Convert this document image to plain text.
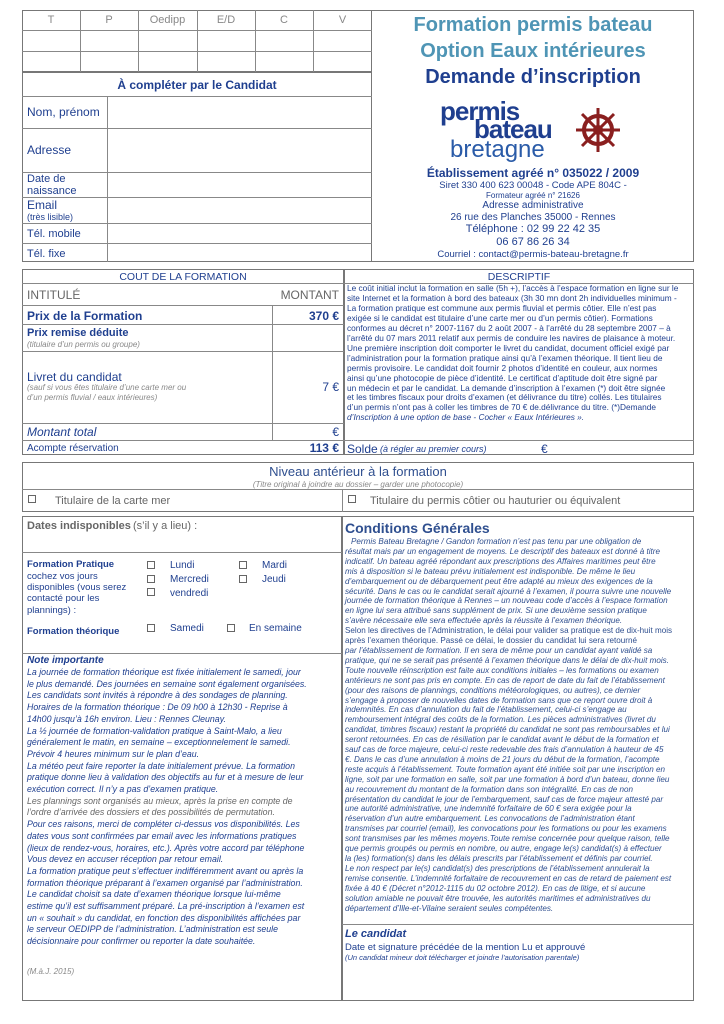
T	P	Oedipp	E/D	C	V
À compléter par le Candidat
Nom, prénom
Adresse
Date de naissance
Email
(très lisible)
Tél. mobile
Tél. fixe
Formation permis bateau
Option Eaux intérieures
Demande d’inscription
permis
bateau
bretagne
Établissement agréé n° 035022 / 2009
Siret 330 400 623 00048 - Code APE 804C -
Formateur agréé n° 21626
Adresse administrative
26 rue des Planches 35000 - Rennes
Téléphone : 02 99 22 42 35
06 67 86 26 34
Courriel : contact@permis-bateau-bretagne.fr
COUT DE LA FORMATION
INTITULÉ	MONTANT
Prix de la Formation	370 €
Prix remise déduite
(titulaire d’un permis ou groupe)
Livret du candidat
(sauf si vous êtes titulaire d’une carte mer ou d’un permis fluvial / eaux intérieures)
7 €
Montant total	€
Acompte réservation	113 €
DESCRIPTIF
Le coût initial inclut la formation en salle (5h +), l’accès à l’espace formation en ligne sur le
site Internet et la formation à bord des bateaux (3h 30 mn dont 2h individuelles minimum -
La formation pratique est commune aux permis fluvial et permis côtier. Elle n’est pas
exigée si le candidat est titulaire d’une carte mer ou d’un permis côtier). Formations
conformes au décret n° 2007-1167 du 2 août 2007 - à l’arrêté du 28 septembre 2007 – à
l’arrêté du 07 mars 2011 relatif aux permis de conduire les navires de plaisance à moteur.
Une première inscription doit comporter le livret du candidat, document officiel exigé par
l’administration pour la formation pratique ainsi qu’à l’examen théorique. Il tient lieu de
permis provisoire. Le candidat doit fournir 2 photos d’identité en couleur, aux normes
ainsi qu’une photocopie de pièce d’identité. Le certificat d’aptitude doit être signé par
un médecin et par le candidat. La demande d’inscription à l’examen (*) doit être signée
et les timbres fiscaux pour droits d’examen (et délivrance du titre) collés. Les titulaires
d’un permis n’ont pas à coller les timbres de 70 € de.délivrance du titre. (*)Demande
d’Inscription à une option de base - Cocher « Eaux Intérieures ».
Solde (à régler au premier cours)	€
Niveau antérieur à la formation
(Titre original à joindre au dossier – garder une photocopie)
Titulaire de la carte mer	Titulaire du permis côtier ou hauturier ou équivalent
Dates indisponibles (s’il y a lieu) :
Formation Pratique
cochez vos jours disponibles (vous serez contacté pour les plannings) :
Lundi	Mardi
Mercredi	Jeudi
vendredi
Formation théorique	Samedi	En semaine
Note importante
La journée de formation théorique est fixée initialement le samedi, jour
le plus demandé. Des journées en semaine sont également organisées.
Les candidats sont invités à répondre à des sondages de planning.
Horaires de la formation théorique : De 09 h00 à 12h30 - Reprise à
14h00 jusqu’à 16h environ. Lieu : Rennes Cleunay.
La ½ journée de formation-validation pratique à Saint-Malo, a lieu
généralement le matin, en semaine – exceptionnelement le samedi.
Prévoir 4 heures minimum sur le plan d’eau.
La météo peut faire reporter la date initialement prévue. La formation
pratique donne lieu à validation des objectifs au fur et à mesure de leur
exécution correct. Il n’y a pas d’examen pratique.
Les plannings sont organisés au mieux, après la prise en compte de
l’ordre d’arrivée des dossiers et des possibilités de permutation.
Pour ces raisons, merci de compléter ci-dessus vos disponibilités. Les
dates vous sont confirmées par email avec les informations pratiques
(lieux de rendez-vous, horaires, etc.). Après votre accord par téléphone
Vous devez en accuser réception par retour email.
La formation pratique peut s’effectuer indifféremment avant ou après la
formation théorique préparant à l’examen organisé par l’administration.
Le candidat choisit sa date d’examen théorique lorsque lui-même
estime qu’il est suffisamment préparé. La pré-inscription à l’examen est
un « souhait » du candidat, en fonction des disponibilités affichées par
le serveur OEDIPP de l’administration. L’administration est seule
décisionnaire pour confirmer ou reporter la date souhaitée.
(M.à.J. 2015)
Conditions Générales
Permis Bateau Bretagne / Gandon formation n’est pas tenu par une obligation de
résultat mais par un engagement de moyens. Le descriptif des bateaux est donné à titre
indicatif. Un bateau agréé répondant aux prescriptions des Affaires maritimes peut être
mis à disposition si le bateau prévu initialement est indisponible. De même le lieu
d’embarquement ou de débarquement peut être adapté au mieux des exigences de la
sécurité. Dans le cas ou le candidat serait ajourné à l’examen, il pourra suivre une nouvelle
journée de formation théorique à Rennes – un nouveau code d’accès à l’espace formation
en ligne lui sera attribué sans supplément de prix. Si une deuxième session pratique
s’avère nécessaire elle sera effectuée après la réussite à l’examen théorique.
Selon les directives de l’Administration, le délai pour valider sa pratique est de dix-huit mois
après l’examen théorique. Passé ce délai, le dossier du candidat lui sera retourné
par l’établissement de formation. Il en sera de même pour un candidat ayant validé sa
pratique, qui ne se serait pas présenté à l’examen théorique dans le délai de dix-huit mois.
Toute nouvelle réinscription est faite aux conditions initiales – les formations ou examen
antérieurs ne sont pas pris en compte. En cas de report de date du fait de l’établissement
(pour des raisons de plannings, conditions météorologiques, ou autres), ce dernier
s’engage à proposer de nouvelles dates de formation sans que ce report ouvre droit à
indemnités. En cas d’annulation du fait de l’établissement, celui-ci s’engage au
remboursement intégral des coûts de la formation. Les pièces administratives (livret du
candidat, timbres fiscaux) restant la propriété du candidat ne sont pas remboursables et lui
seront retournées. En cas de résiliation par le candidat avant le début de la formation et
sauf cas de force majeure, celui-ci reste redevable des frais d’annulation à hauteur de 45
€. Dans le cas d’une annulation à moins de 21 jours du début de la formation, l’acompte
reste acquis à l’établissement. Toute formation ayant été initiée soit par une inscription en
ligne, soit par une formation en salle, soit par une formation à bord d’un bateau, donne lieu
au recouvrement du montant de la formation dans son intégralité. En cas de non
présentation du candidat le jour de l’embarquement, sauf cas de force majeur attesté par
une autorité administrative, une indemnité forfaitaire de 60 € sera exigée pour la
réservation d’un autre embarquement. Les convocations de l’administration étant
transmises par courriel (email), les convocations pour les formations ou pour les examens
sont transmises par les mêmes moyens.Toute remise concernée pour quelque raison, telle
que permis groupés ou permis en nombre, ou autre, engage le(s) candidat(s) à effectuer
la (les) formation(s) dans les délais prescrits par l’établissement et définis par courriel.
Le non respect par le(s) candidat(s) des prescriptions de l’établissement annulerait la
remise consentie. L’indemnité forfaitaire de recouvrement en cas de retard de paiement est
fixée à 40 € (Décret n°2012-1115 du 02 octobre 2012). En cas de litige, et si aucune
solution amiable ne pouvait être trouvée, les autorités maritimes et administratives du
département d’Ille-et-Vilaine seraient seules compétentes.
Le candidat
Date et signature précédée de la mention Lu et approuvé
(Un candidat mineur doit télécharger et joindre l’autorisation parentale)
